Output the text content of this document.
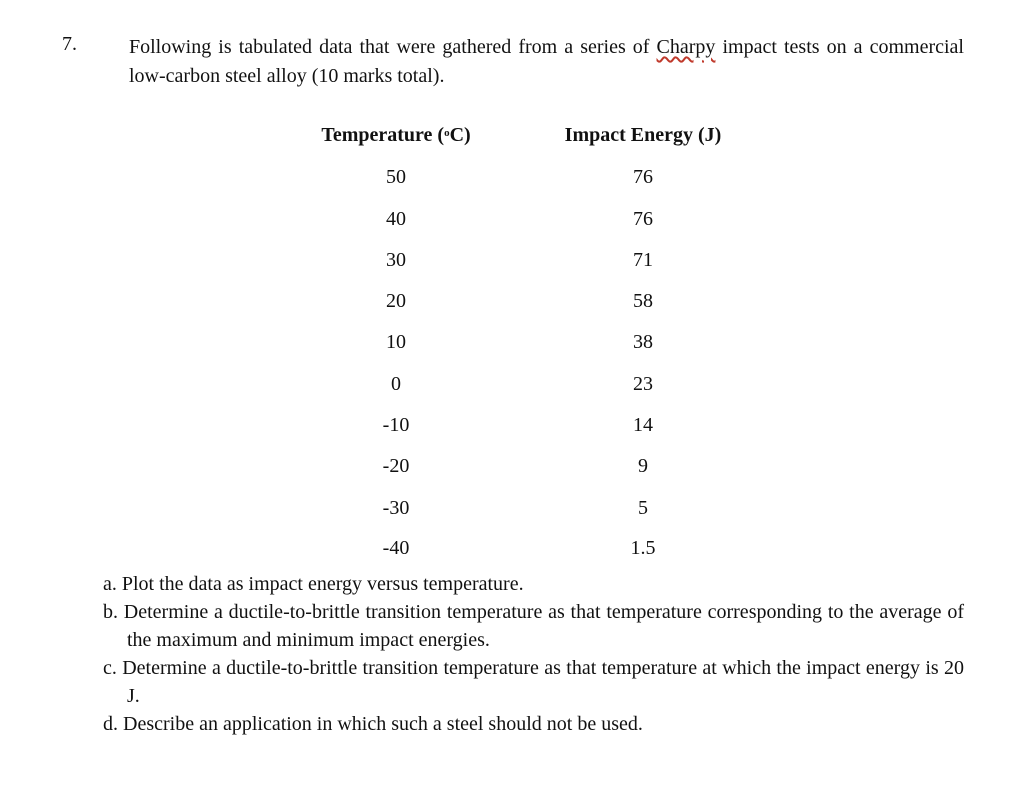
7.	Following is tabulated data that were gathered from a series of Charpy impact tests on a commercial low-carbon steel alloy (10 marks total).
Temperature ($^o$C)	Impact Energy (J)
50	76
40	76
30	71
20	58
10	38
0	23
-10	14
-20	9
-30	5
-40	1.5
a. Plot the data as impact energy versus temperature.
b. Determine a ductile-to-brittle transition temperature as that temperature corresponding to the average of the maximum and minimum impact energies.
c. Determine a ductile-to-brittle transition temperature as that temperature at which the impact energy is 20 J.
d. Describe an application in which such a steel should not be used.
